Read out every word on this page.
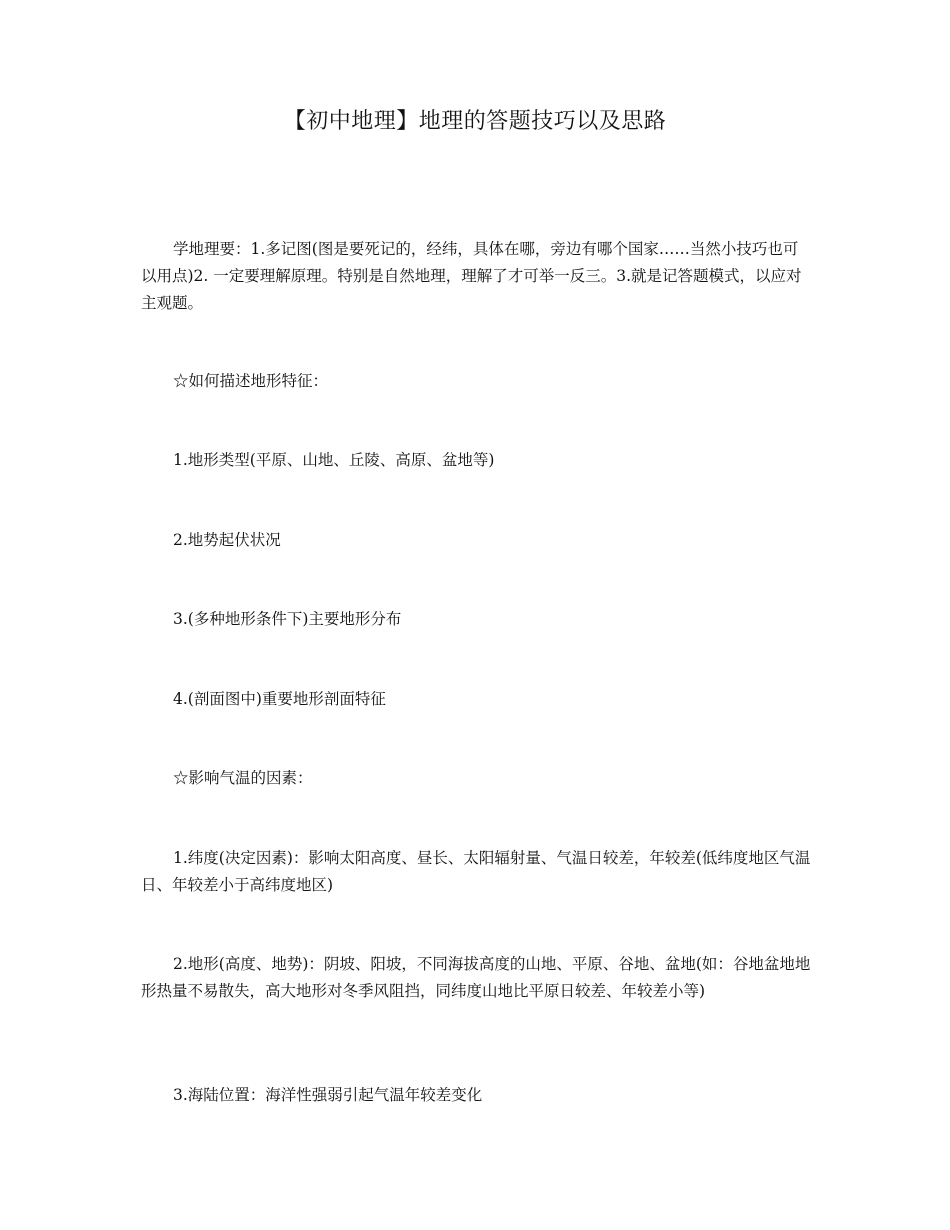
【初中地理】地理的答题技巧以及思路

学地理要：1.多记图(图是要死记的，经纬，具体在哪，旁边有哪个国家……当然小技巧也可以用点)2. 一定要理解原理。特别是自然地理，理解了才可举一反三。3.就是记答题模式，以应对主观题。

☆如何描述地形特征：

1.地形类型(平原、山地、丘陵、高原、盆地等)

2.地势起伏状况

3.(多种地形条件下)主要地形分布

4.(剖面图中)重要地形剖面特征

☆影响气温的因素：

1.纬度(决定因素)：影响太阳高度、昼长、太阳辐射量、气温日较差，年较差(低纬度地区气温日、年较差小于高纬度地区)

2.地形(高度、地势)：阴坡、阳坡，不同海拔高度的山地、平原、谷地、盆地(如：谷地盆地地形热量不易散失，高大地形对冬季风阻挡，同纬度山地比平原日较差、年较差小等)

3.海陆位置：海洋性强弱引起气温年较差变化
